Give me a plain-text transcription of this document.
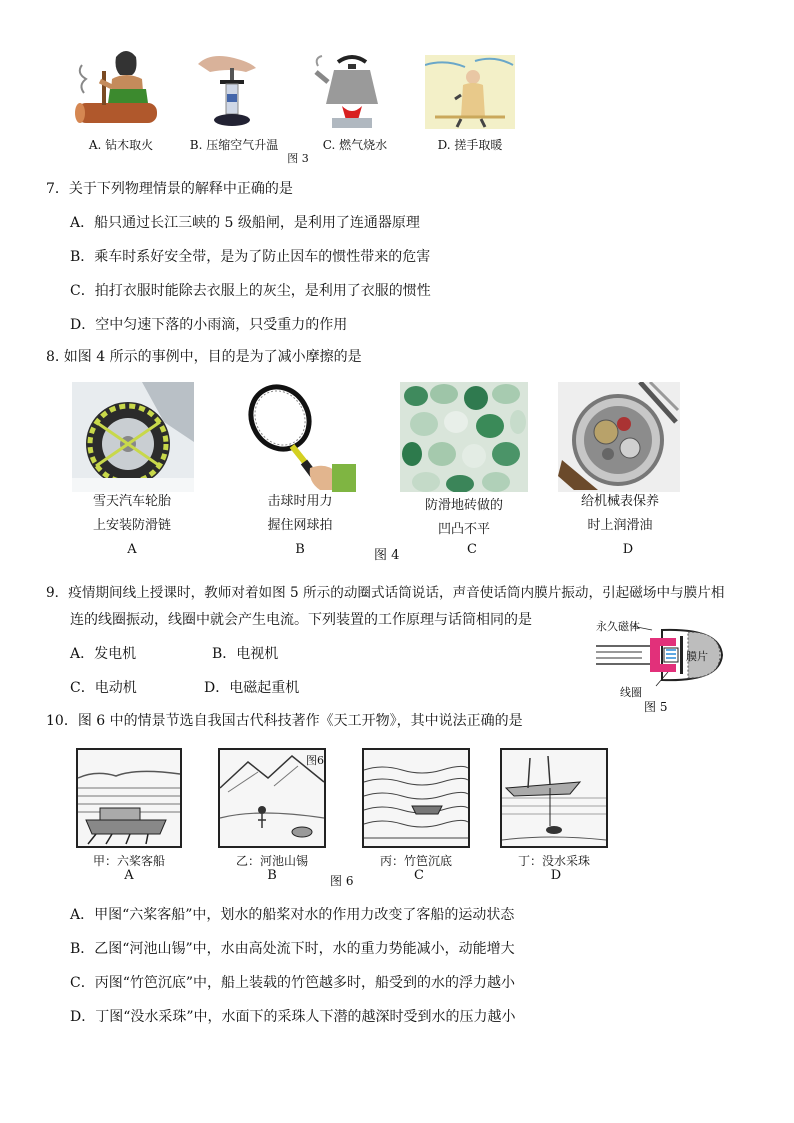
A. 钻木取火	B. 压缩空气升温	C. 燃气烧水	D. 搓手取暖
图 3
7．关于下列物理情景的解释中正确的是
A．船只通过长江三峡的 5 级船闸，是利用了连通器原理
B．乘车时系好安全带，是为了防止因车的惯性带来的危害
C．拍打衣服时能除去衣服上的灰尘，是利用了衣服的惯性
D．空中匀速下落的小雨滴，只受重力的作用
8. 如图 4 所示的事例中，目的是为了减小摩擦的是
雪天汽车轮胎
上安装防滑链
击球时用力
握住网球拍
防滑地砖做的
凹凸不平
给机械表保养
时上润滑油
A	B	C	D
图 4
9．疫情期间线上授课时，教师对着如图 5 所示的动圈式话筒说话，声音使话筒内膜片振动，引起磁场中与膜片相
连的线圈振动，线圈中就会产生电流。下列装置的工作原理与话筒相同的是
A．发电机	B．电视机
C．电动机	D．电磁起重机
永久磁体
膜片
线圈
图 5
10．图 6 中的情景节选自我国古代科技著作《天工开物》，其中说法正确的是
图6
甲：六桨客船	乙：河池山锡	丙：竹笆沉底	丁：没水采珠
A	B	C	D
图 6
A．甲图“六桨客船”中，划水的船桨对水的作用力改变了客船的运动状态
B．乙图“河池山锡”中，水由高处流下时，水的重力势能减小，动能增大
C．丙图“竹笆沉底”中，船上装载的竹笆越多时，船受到的水的浮力越小
D．丁图“没水采珠”中，水面下的采珠人下潜的越深时受到水的压力越小
